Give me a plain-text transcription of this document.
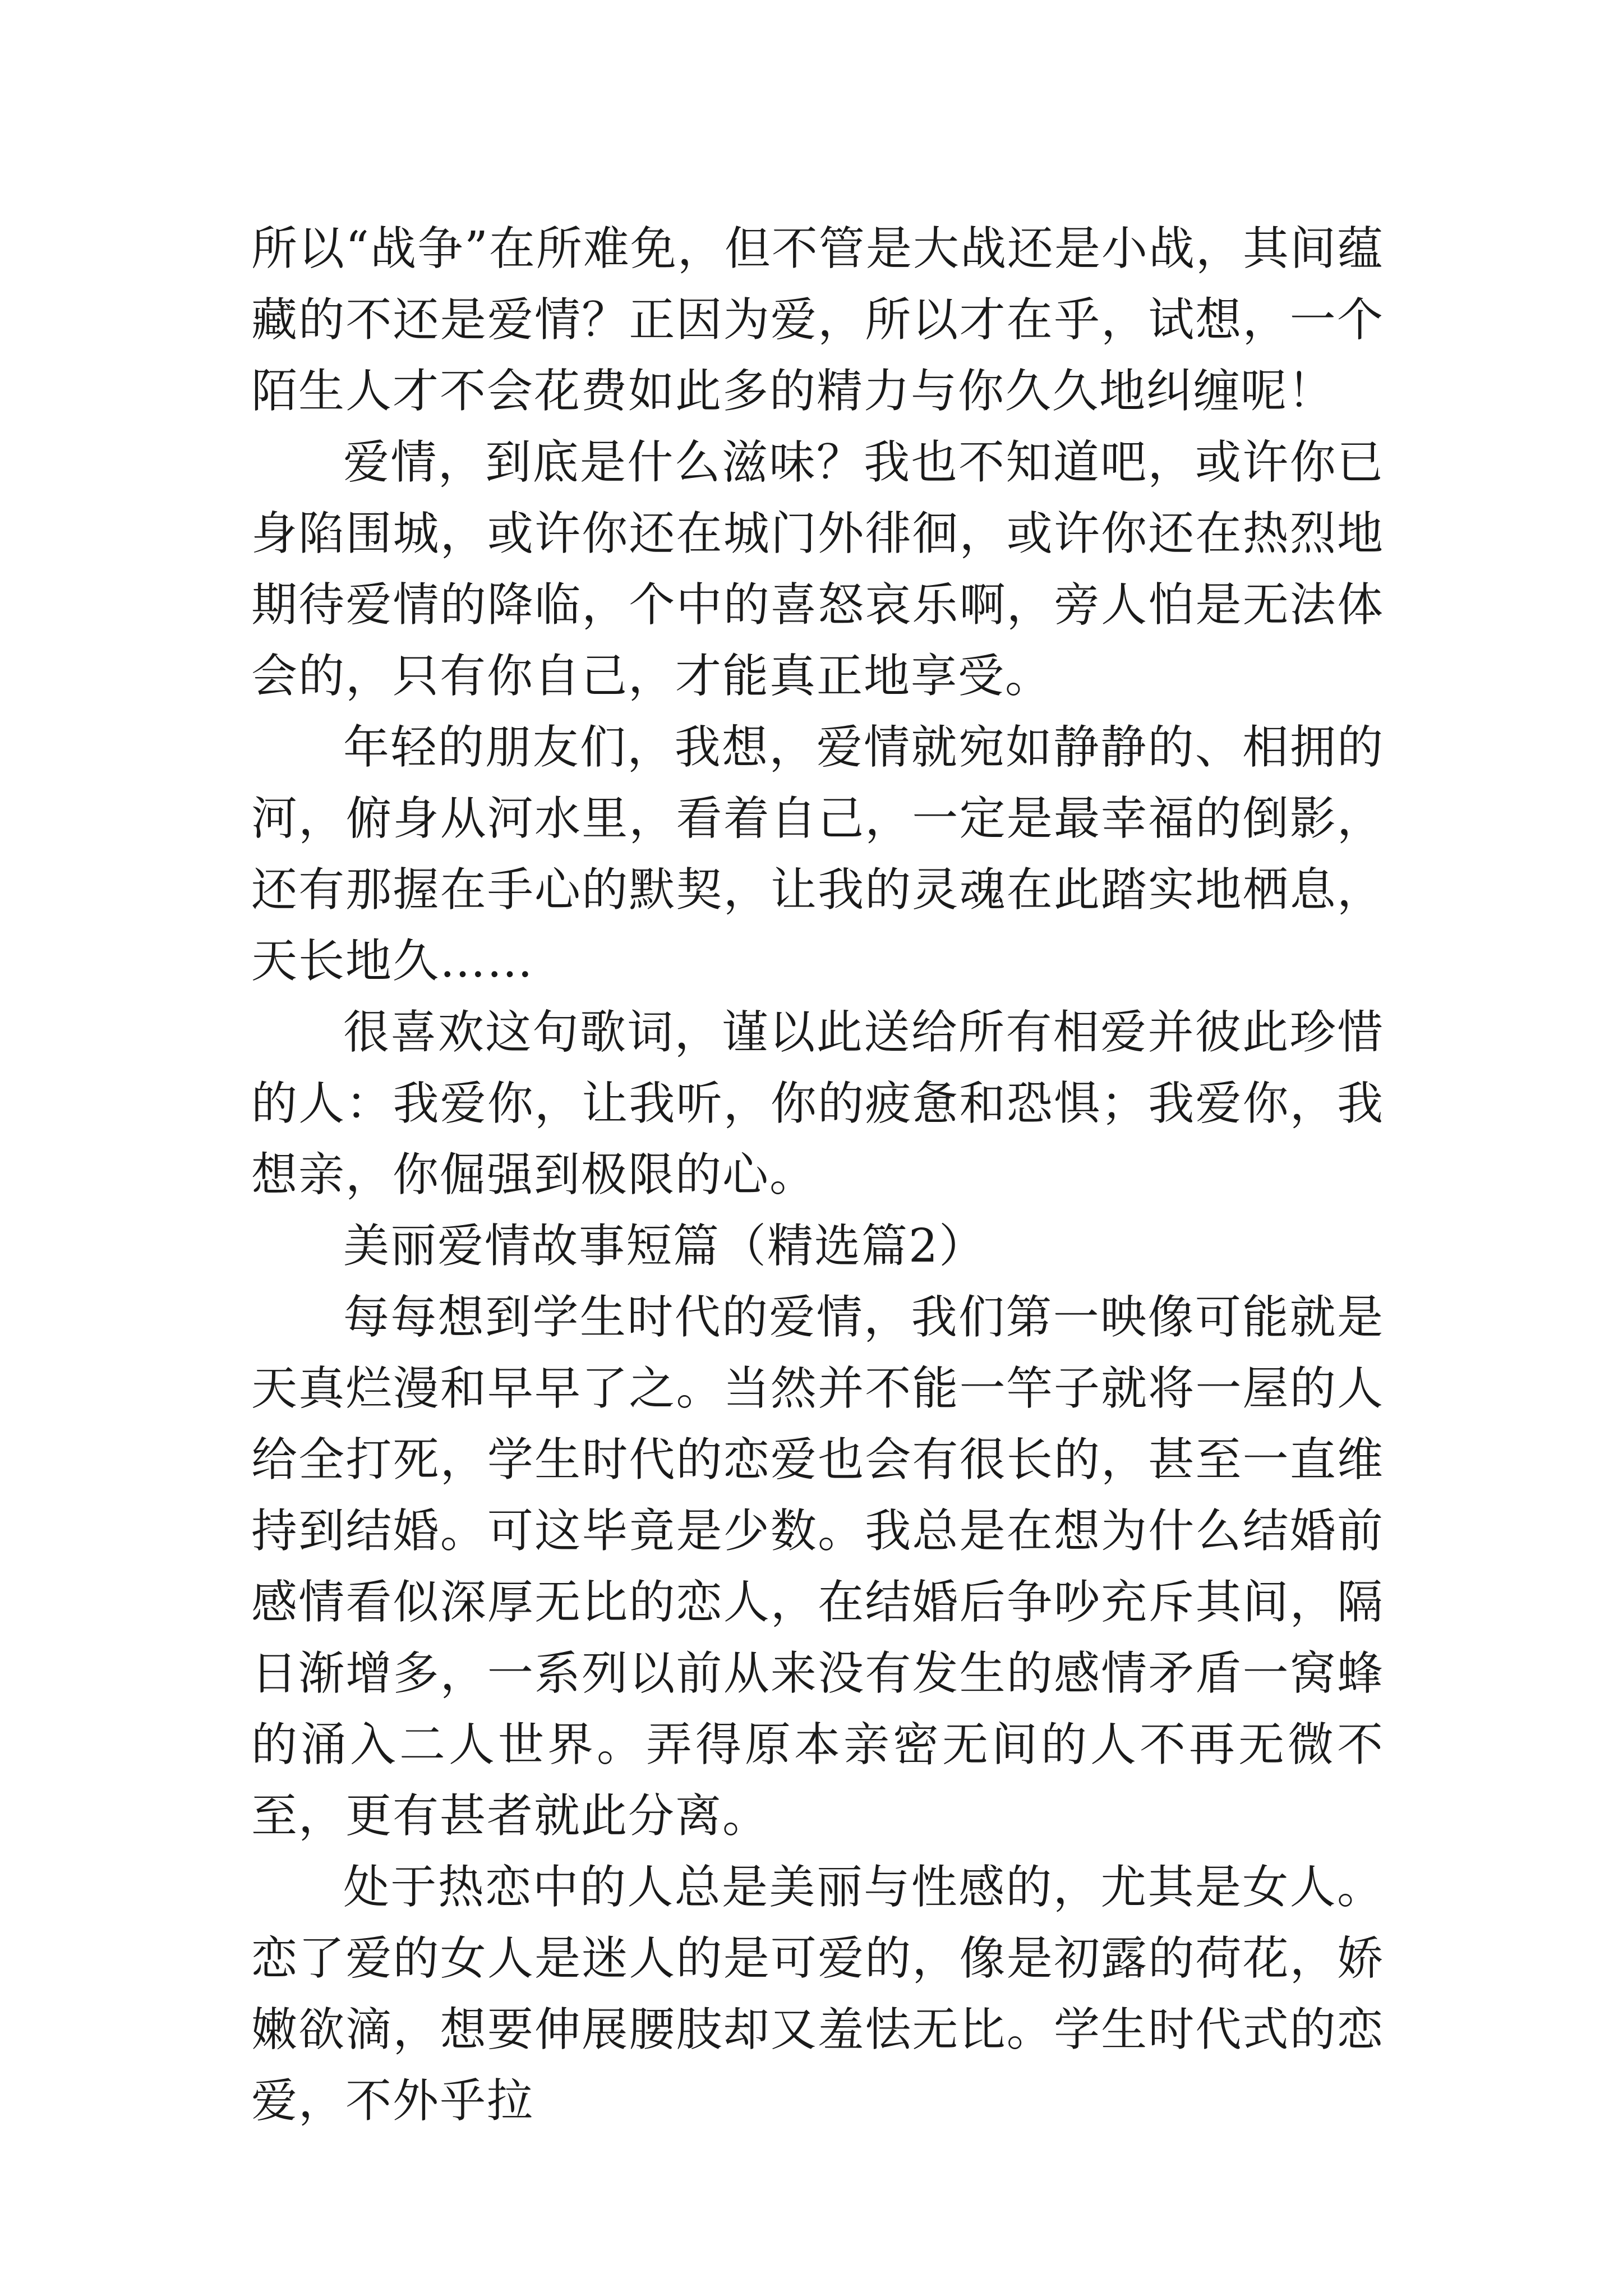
所以“战争”在所难免，但不管是大战还是小战，其间蕴藏的不还是爱情？正因为爱，所以才在乎，试想，一个陌生人才不会花费如此多的精力与你久久地纠缠呢！

爱情，到底是什么滋味？我也不知道吧，或许你已身陷围城，或许你还在城门外徘徊，或许你还在热烈地期待爱情的降临，个中的喜怒哀乐啊，旁人怕是无法体会的，只有你自己，才能真正地享受。

年轻的朋友们，我想，爱情就宛如静静的、相拥的河，俯身从河水里，看着自己，一定是最幸福的倒影，还有那握在手心的默契，让我的灵魂在此踏实地栖息，天长地久……

很喜欢这句歌词，谨以此送给所有相爱并彼此珍惜的人：我爱你，让我听，你的疲惫和恐惧；我爱你，我想亲，你倔强到极限的心。

美丽爱情故事短篇（精选篇2）

每每想到学生时代的爱情，我们第一映像可能就是天真烂漫和早早了之。当然并不能一竿子就将一屋的人给全打死，学生时代的恋爱也会有很长的，甚至一直维持到结婚。可这毕竟是少数。我总是在想为什么结婚前感情看似深厚无比的恋人，在结婚后争吵充斥其间，隔日渐增多，一系列以前从来没有发生的感情矛盾一窝蜂的涌入二人世界。弄得原本亲密无间的人不再无微不至，更有甚者就此分离。

处于热恋中的人总是美丽与性感的，尤其是女人。恋了爱的女人是迷人的是可爱的，像是初露的荷花，娇嫩欲滴，想要伸展腰肢却又羞怯无比。学生时代式的恋爱，不外乎拉
